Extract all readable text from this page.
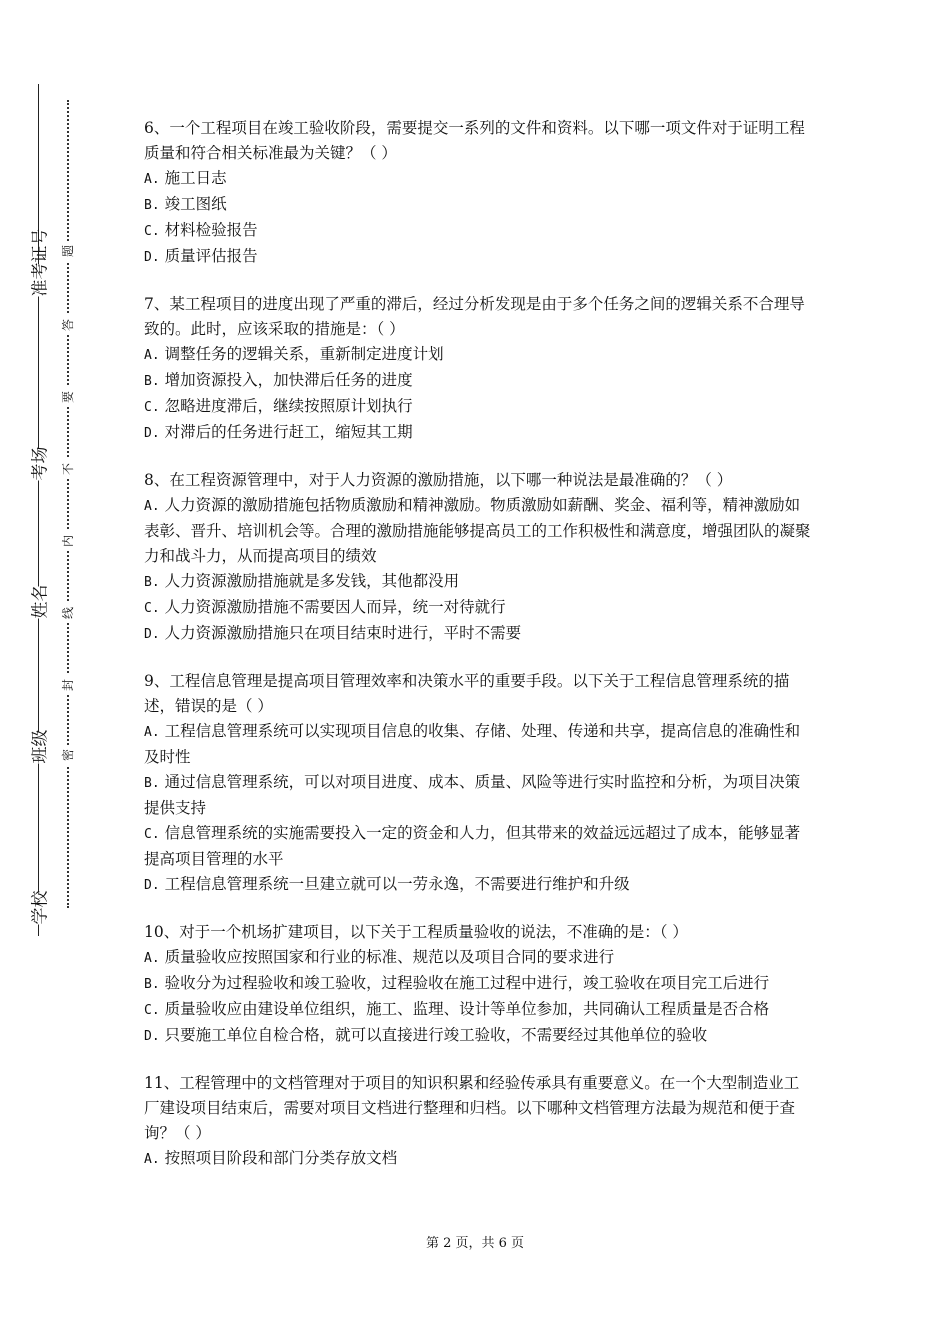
准考证号
考场
姓名
班级
学校
题
答
要
不
内
线
封
密

6、一个工程项目在竣工验收阶段，需要提交一系列的文件和资料。以下哪一项文件对于证明工程质量和符合相关标准最为关键？（ ）

A. 施工日志

B. 竣工图纸

C. 材料检验报告

D. 质量评估报告

7、某工程项目的进度出现了严重的滞后，经过分析发现是由于多个任务之间的逻辑关系不合理导致的。此时，应该采取的措施是：（ ）

A. 调整任务的逻辑关系，重新制定进度计划

B. 增加资源投入，加快滞后任务的进度

C. 忽略进度滞后，继续按照原计划执行

D. 对滞后的任务进行赶工，缩短其工期

8、在工程资源管理中，对于人力资源的激励措施，以下哪一种说法是最准确的？（ ）

A. 人力资源的激励措施包括物质激励和精神激励。物质激励如薪酬、奖金、福利等，精神激励如表彰、晋升、培训机会等。合理的激励措施能够提高员工的工作积极性和满意度，增强团队的凝聚力和战斗力，从而提高项目的绩效

B. 人力资源激励措施就是多发钱，其他都没用

C. 人力资源激励措施不需要因人而异，统一对待就行

D. 人力资源激励措施只在项目结束时进行，平时不需要

9、工程信息管理是提高项目管理效率和决策水平的重要手段。以下关于工程信息管理系统的描述，错误的是（ ）

A. 工程信息管理系统可以实现项目信息的收集、存储、处理、传递和共享，提高信息的准确性和及时性

B. 通过信息管理系统，可以对项目进度、成本、质量、风险等进行实时监控和分析，为项目决策提供支持

C. 信息管理系统的实施需要投入一定的资金和人力，但其带来的效益远远超过了成本，能够显著提高项目管理的水平

D. 工程信息管理系统一旦建立就可以一劳永逸，不需要进行维护和升级

10、对于一个机场扩建项目，以下关于工程质量验收的说法，不准确的是：（ ）

A. 质量验收应按照国家和行业的标准、规范以及项目合同的要求进行

B. 验收分为过程验收和竣工验收，过程验收在施工过程中进行，竣工验收在项目完工后进行

C. 质量验收应由建设单位组织，施工、监理、设计等单位参加，共同确认工程质量是否合格

D. 只要施工单位自检合格，就可以直接进行竣工验收，不需要经过其他单位的验收

11、工程管理中的文档管理对于项目的知识积累和经验传承具有重要意义。在一个大型制造业工厂建设项目结束后，需要对项目文档进行整理和归档。以下哪种文档管理方法最为规范和便于查询？（ ）

A. 按照项目阶段和部门分类存放文档

第 2 页，共 6 页
